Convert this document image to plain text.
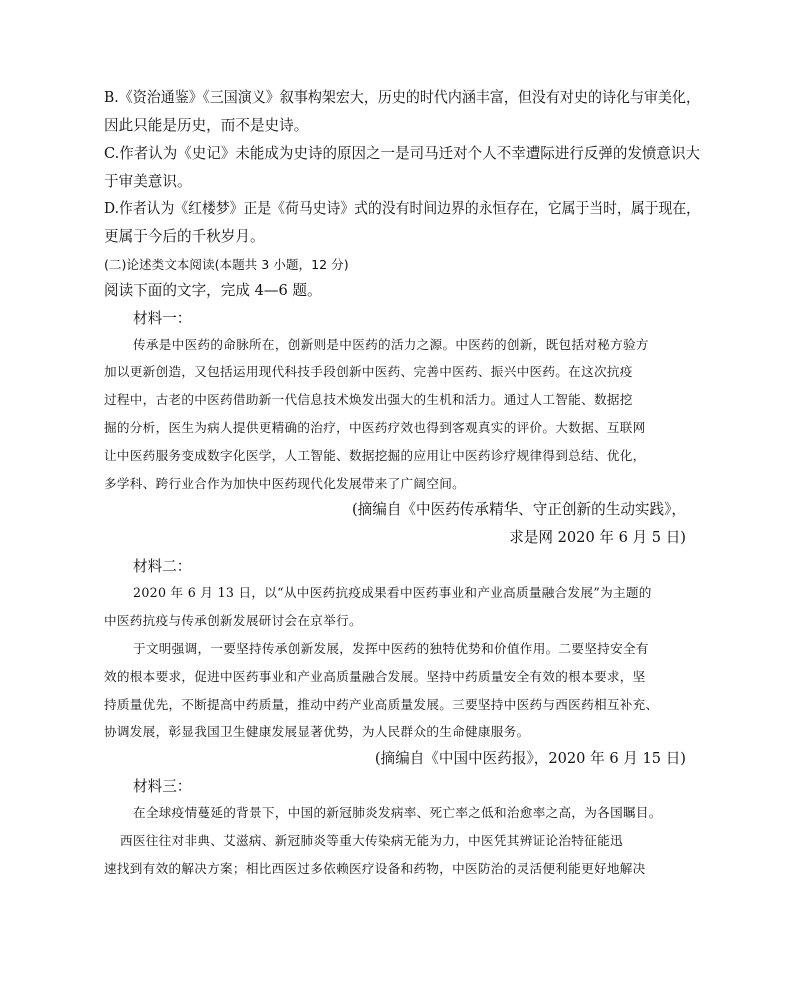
B.《资治通鉴》《三国演义》叙事构架宏大，历史的时代内涵丰富，但没有对史的诗化与审美化，
因此只能是历史，而不是史诗。
C.作者认为《史记》未能成为史诗的原因之一是司马迁对个人不幸遭际进行反弹的发愤意识大
于审美意识。
D.作者认为《红楼梦》正是《荷马史诗》式的没有时间边界的永恒存在，它属于当时，属于现在，
更属于今后的千秋岁月。
(二)论述类文本阅读(本题共 3 小题，12 分)
阅读下面的文字，完成 4—6 题。
材料一：
传承是中医药的命脉所在，创新则是中医药的活力之源。中医药的创新，既包括对秘方验方
加以更新创造，又包括运用现代科技手段创新中医药、完善中医药、振兴中医药。在这次抗疫
过程中，古老的中医药借助新一代信息技术焕发出强大的生机和活力。通过人工智能、数据挖
掘的分析，医生为病人提供更精确的治疗，中医药疗效也得到客观真实的评价。大数据、互联网
让中医药服务变成数字化医学，人工智能、数据挖掘的应用让中医药诊疗规律得到总结、优化，
多学科、跨行业合作为加快中医药现代化发展带来了广阔空间。
(摘编自《中医药传承精华、守正创新的生动实践》，
求是网 2020 年 6 月 5 日)
材料二：
2020 年 6 月 13 日，以“从中医药抗疫成果看中医药事业和产业高质量融合发展”为主题的
中医药抗疫与传承创新发展研讨会在京举行。
于文明强调，一要坚持传承创新发展，发挥中医药的独特优势和价值作用。二要坚持安全有
效的根本要求，促进中医药事业和产业高质量融合发展。坚持中药质量安全有效的根本要求，坚
持质量优先，不断提高中药质量，推动中药产业高质量发展。三要坚持中医药与西医药相互补充、
协调发展，彰显我国卫生健康发展显著优势，为人民群众的生命健康服务。
(摘编自《中国中医药报》，2020 年 6 月 15 日)
材料三：
在全球疫情蔓延的背景下，中国的新冠肺炎发病率、死亡率之低和治愈率之高，为各国瞩目。
西医往往对非典、艾滋病、新冠肺炎等重大传染病无能为力，中医凭其辨证论治特征能迅
速找到有效的解决方案；相比西医过多依赖医疗设备和药物，中医防治的灵活便利能更好地解决
